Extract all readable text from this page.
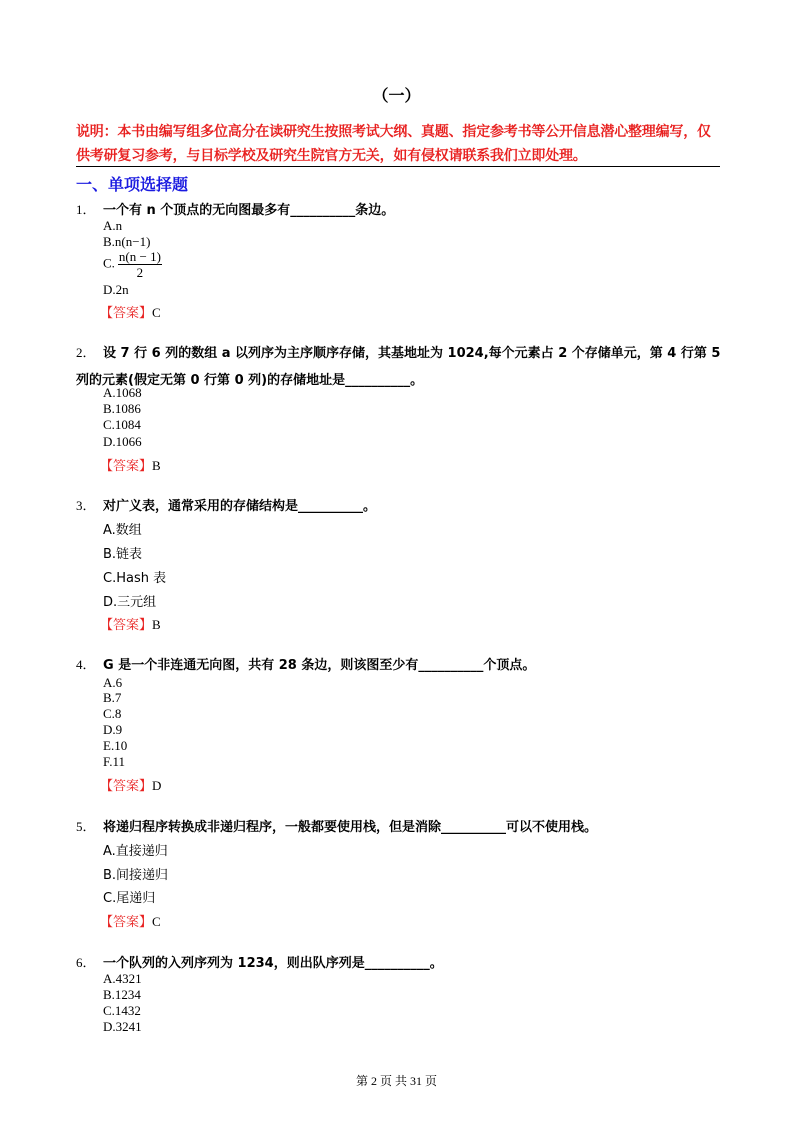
（一）
说明：本书由编写组多位高分在读研究生按照考试大纲、真题、指定参考书等公开信息潜心整理编写，仅
供考研复习参考，与目标学校及研究生院官方无关，如有侵权请联系我们立即处理。
一、单项选择题
1． 一个有 n 个顶点的无向图最多有__________条边。
A.n
B.n(n−1)
C. $\frac{n(n - 1)}{2}$
D.2n
【答案】C
2． 设 7 行 6 列的数组 a 以列序为主序顺序存储，其基地址为 1024,每个元素占 2 个存储单元，第 4 行第 5
列的元素(假定无第 0 行第 0 列)的存储地址是__________。
A.1068
B.1086
C.1084
D.1066
【答案】B
3． 对广义表，通常采用的存储结构是__________。
A.数组
B.链表
C.Hash 表
D.三元组
【答案】B
4． G 是一个非连通无向图，共有 28 条边，则该图至少有__________个顶点。
A.6
B.7
C.8
D.9
E.10
F.11
【答案】D
5． 将递归程序转换成非递归程序，一般都要使用栈，但是消除__________可以不使用栈。
A.直接递归
B.间接递归
C.尾递归
【答案】C
6． 一个队列的入列序列为 1234，则出队序列是__________。
A.4321
B.1234
C.1432
D.3241
第 2 页 共 31 页
